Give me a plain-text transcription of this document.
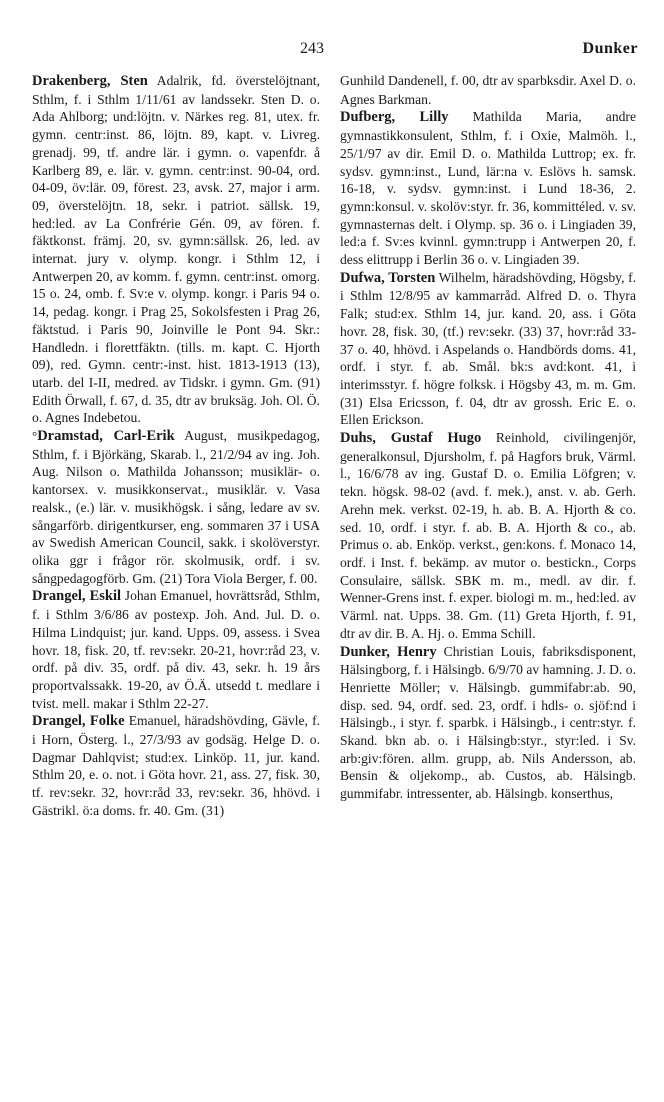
243	Dunker

Drakenberg, Sten Adalrik, fd. överstelöjtnant, Sthlm, f. i Sthlm 1/11/61 av landssekr. Sten D. o. Ada Ahlborg; und:löjtn. v. Närkes reg. 81, utex. fr. gymn. centr:inst. 86, löjtn. 89, kapt. v. Livreg. grenadj. 99, tf. andre lär. i gymn. o. vapenfdr. å Karlberg 89, e. lär. v. gymn. centr:inst. 90-04, ord. 04-09, öv:lär. 09, förest. 23, avsk. 27, major i arm. 09, överstelöjtn. 18, sekr. i patriot. sällsk. 19, hed:led. av La Confrérie Gén. 09, av fören. f. fäktkonst. främj. 20, sv. gymn:sällsk. 26, led. av internat. jury v. olymp. kongr. i Sthlm 12, i Antwerpen 20, av komm. f. gymn. centr:inst. omorg. 15 o. 24, omb. f. Sv:e v. olymp. kongr. i Paris 94 o. 14, pedag. kongr. i Prag 25, Sokolsfesten i Prag 26, fäktstud. i Paris 90, Joinville le Pont 94. Skr.: Handledn. i florettfäktn. (tills. m. kapt. C. Hjorth 09), red. Gymn. centr:-inst. hist. 1813-1913 (13), utarb. del I-II, medred. av Tidskr. i gymn. Gm. (91) Edith Örwall, f. 67, d. 35, dtr av bruksäg. Joh. Ol. Ö. o. Agnes Indebetou.

°Dramstad, Carl-Erik August, musikpedagog, Sthlm, f. i Björkäng, Skarab. l., 21/2/94 av ing. Joh. Aug. Nilson o. Mathilda Johansson; musiklär- o. kantorsex. v. musikkonservat., musiklär. v. Vasa realsk., (e.) lär. v. musikhögsk. i sång, ledare av sv. sångarförb. dirigentkurser, eng. sommaren 37 i USA av Swedish American Council, sakk. i skolöverstyr. olika ggr i frågor rör. skolmusik, ordf. i sv. sångpedagogförb. Gm. (21) Tora Viola Berger, f. 00.

Drangel, Eskil Johan Emanuel, hovrättsråd, Sthlm, f. i Sthlm 3/6/86 av postexp. Joh. And. Jul. D. o. Hilma Lindquist; jur. kand. Upps. 09, assess. i Svea hovr. 18, fisk. 20, tf. rev:sekr. 20-21, hovr:råd 23, v. ordf. på div. 35, ordf. på div. 43, sekr. h. 19 års proportvalssakk. 19-20, av Ö.Ä. utsedd t. medlare i tvist. mell. makar i Sthlm 22-27.

Drangel, Folke Emanuel, häradshövding, Gävle, f. i Horn, Österg. l., 27/3/93 av godsäg. Helge D. o. Dagmar Dahlqvist; stud:ex. Linköp. 11, jur. kand. Sthlm 20, e. o. not. i Göta hovr. 21, ass. 27, fisk. 30, tf. rev:sekr. 32, hovr:råd 33, rev:sekr. 36, hhövd. i Gästrikl. ö:a doms. fr. 40. Gm. (31)

Gunhild Dandenell, f. 00, dtr av sparbksdir. Axel D. o. Agnes Barkman.

Dufberg, Lilly Mathilda Maria, andre gymnastikkonsulent, Sthlm, f. i Oxie, Malmöh. l., 25/1/97 av dir. Emil D. o. Mathilda Luttrop; ex. fr. sydsv. gymn:inst., Lund, lär:na v. Eslövs h. samsk. 16-18, v. sydsv. gymn:inst. i Lund 18-36, 2. gymn:konsul. v. skolöv:styr. fr. 36, kommittéled. v. sv. gymnasternas delt. i Olymp. sp. 36 o. i Lingiaden 39, led:a f. Sv:es kvinnl. gymn:trupp i Antwerpen 20, f. dess elittrupp i Berlin 36 o. v. Lingiaden 39.

Dufwa, Torsten Wilhelm, häradshövding, Högsby, f. i Sthlm 12/8/95 av kammarråd. Alfred D. o. Thyra Falk; stud:ex. Sthlm 14, jur. kand. 20, ass. i Göta hovr. 28, fisk. 30, (tf.) rev:sekr. (33) 37, hovr:råd 33-37 o. 40, hhövd. i Aspelands o. Handbörds doms. 41, ordf. i styr. f. ab. Smål. bk:s avd:kont. 41, i interimsstyr. f. högre folksk. i Högsby 43, m. m. Gm. (31) Elsa Ericsson, f. 04, dtr av grossh. Eric E. o. Ellen Erickson.

Duhs, Gustaf Hugo Reinhold, civilingenjör, generalkonsul, Djursholm, f. på Hagfors bruk, Värml. l., 16/6/78 av ing. Gustaf D. o. Emilia Löfgren; v. tekn. högsk. 98-02 (avd. f. mek.), anst. v. ab. Gerh. Arehn mek. verkst. 02-19, h. ab. B. A. Hjorth & co. sed. 10, ordf. i styr. f. ab. B. A. Hjorth & co., ab. Primus o. ab. Enköp. verkst., gen:kons. f. Monaco 14, ordf. i Inst. f. bekämp. av mutor o. bestickn., Corps Consulaire, sällsk. SBK m. m., medl. av dir. f. Wenner-Grens inst. f. exper. biologi m. m., hed:led. av Värml. nat. Upps. 38. Gm. (11) Greta Hjorth, f. 91, dtr av dir. B. A. Hj. o. Emma Schill.

Dunker, Henry Christian Louis, fabriksdisponent, Hälsingborg, f. i Hälsingb. 6/9/70 av hamning. J. D. o. Henriette Möller; v. Hälsingb. gummifabr:ab. 90, disp. sed. 94, ordf. sed. 23, ordf. i hdls- o. sjöf:nd i Hälsingb., i styr. f. sparbk. i Hälsingb., i centr:styr. f. Skand. bkn ab. o. i Hälsingb:styr., styr:led. i Sv. arb:giv:fören. allm. grupp, ab. Nils Andersson, ab. Bensin & oljekomp., ab. Custos, ab. Hälsingb. gummifabr. intressenter, ab. Hälsingb. konserthus,
